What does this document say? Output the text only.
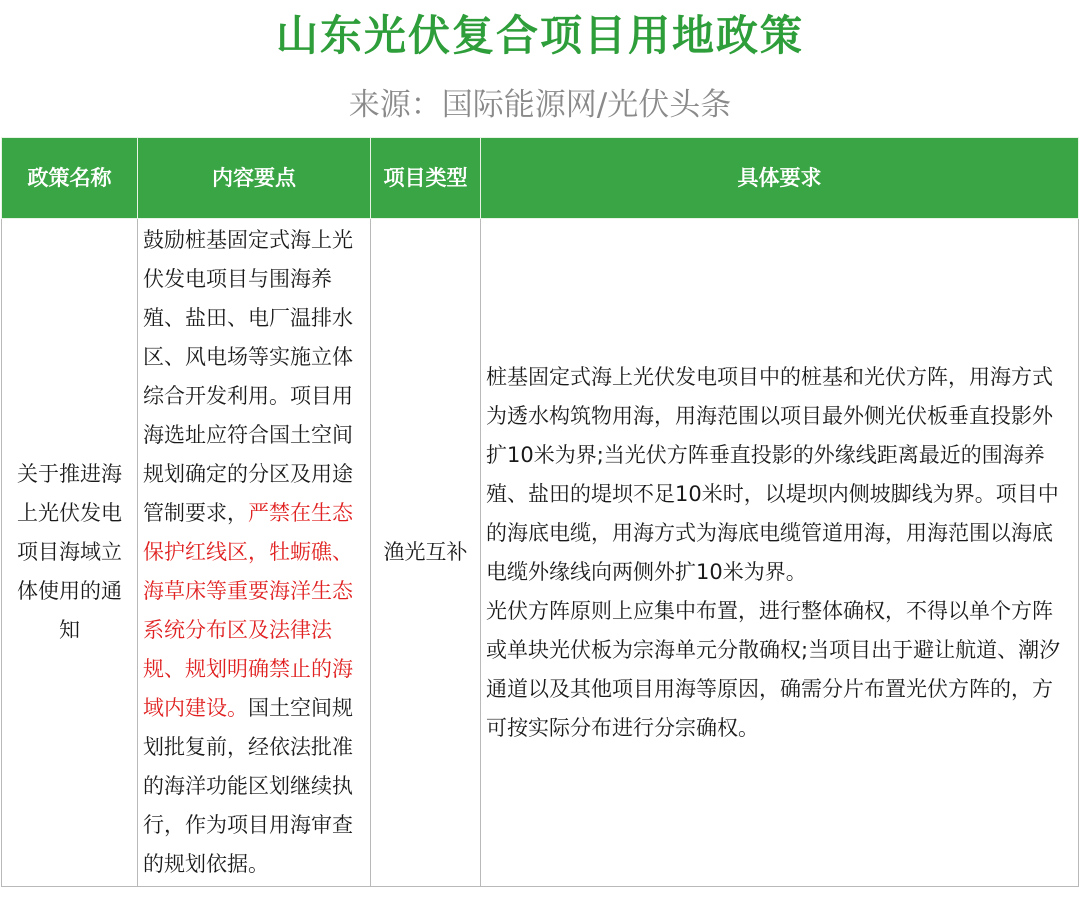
山东光伏复合项目用地政策
来源：国际能源网/光伏头条
政策名称	内容要点	项目类型	具体要求
关于推进海上光伏发电项目海域立体使用的通知	鼓励桩基固定式海上光伏发电项目与围海养殖、盐田、电厂温排水区、风电场等实施立体综合开发利用。项目用海选址应符合国土空间规划确定的分区及用途管制要求，严禁在生态保护红线区，牡蛎礁、海草床等重要海洋生态系统分布区及法律法规、规划明确禁止的海域内建设。国土空间规划批复前，经依法批准的海洋功能区划继续执行，作为项目用海审查的规划依据。	渔光互补	桩基固定式海上光伏发电项目中的桩基和光伏方阵，用海方式为透水构筑物用海，用海范围以项目最外侧光伏板垂直投影外扩10米为界;当光伏方阵垂直投影的外缘线距离最近的围海养殖、盐田的堤坝不足10米时，以堤坝内侧坡脚线为界。项目中的海底电缆，用海方式为海底电缆管道用海，用海范围以海底电缆外缘线向两侧外扩10米为界。
光伏方阵原则上应集中布置，进行整体确权，不得以单个方阵或单块光伏板为宗海单元分散确权;当项目出于避让航道、潮汐通道以及其他项目用海等原因，确需分片布置光伏方阵的，方可按实际分布进行分宗确权。
